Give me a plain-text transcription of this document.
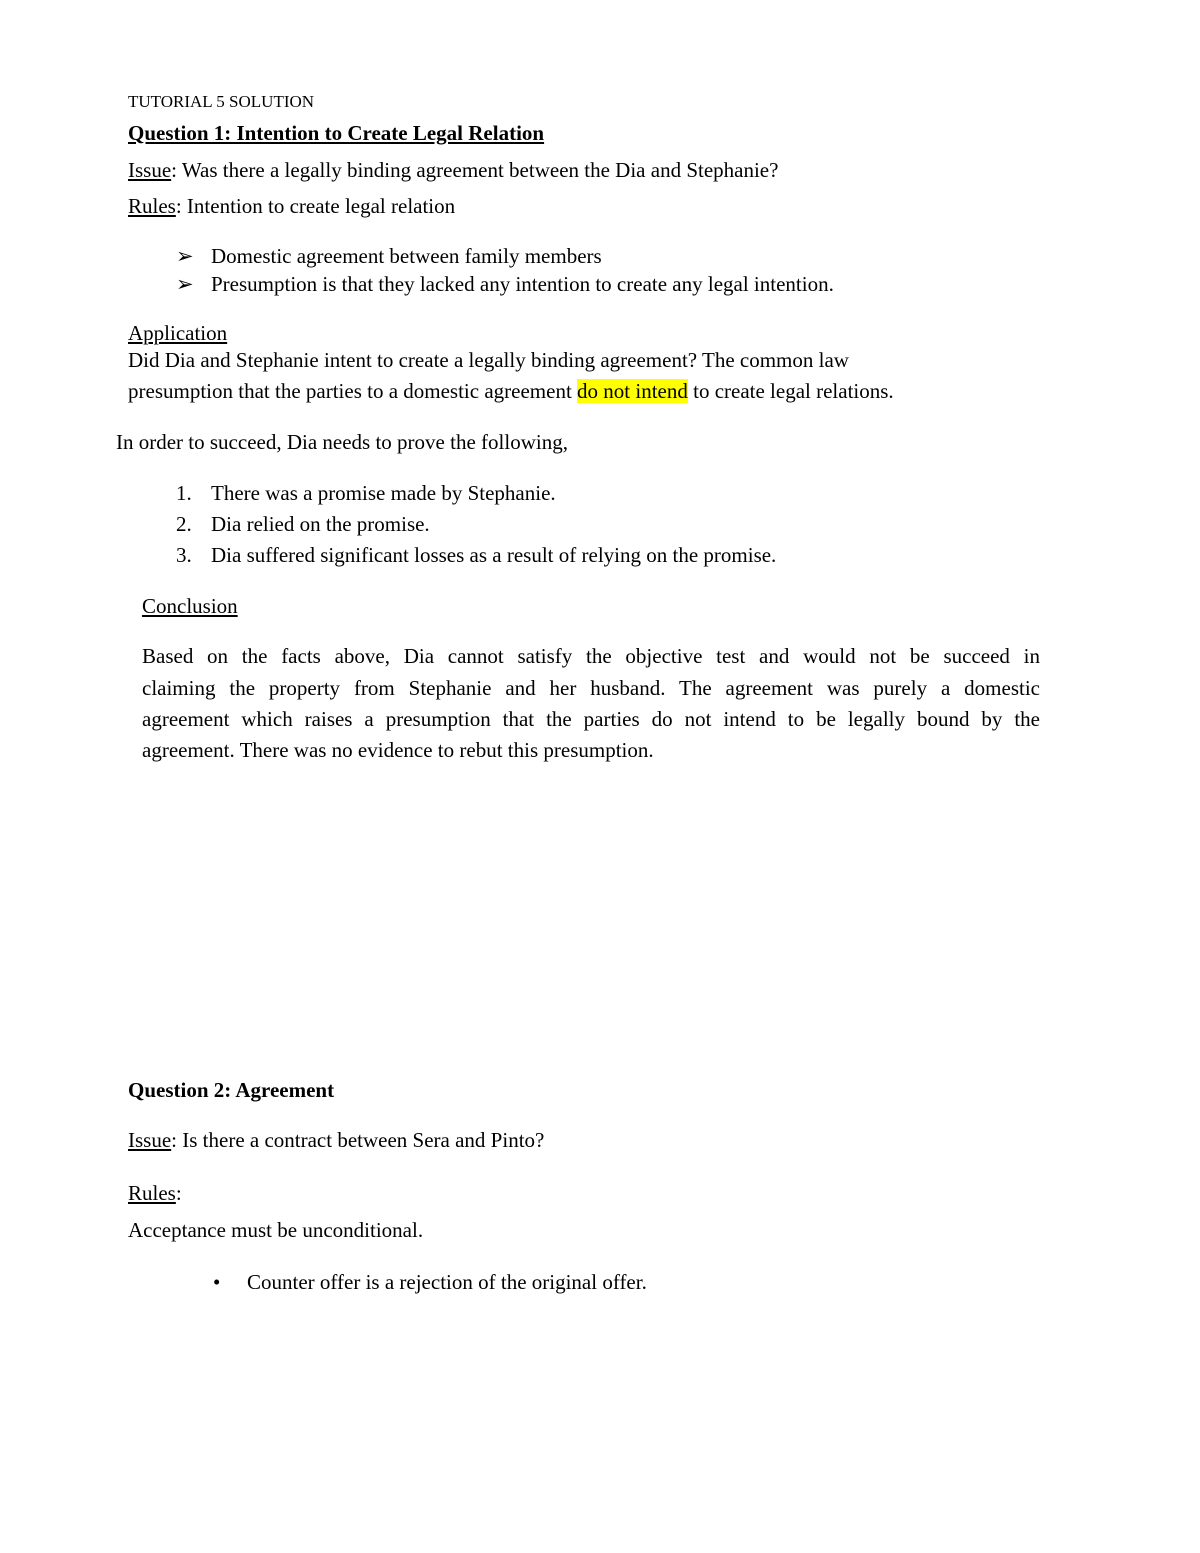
TUTORIAL 5 SOLUTION
Question 1: Intention to Create Legal Relation
Issue: Was there a legally binding agreement between the Dia and Stephanie?
Rules: Intention to create legal relation
➢ Domestic agreement between family members
➢ Presumption is that they lacked any intention to create any legal intention.
Application
Did Dia and Stephanie intent to create a legally binding agreement? The common law
presumption that the parties to a domestic agreement do not intend to create legal relations.
In order to succeed, Dia needs to prove the following,
1. There was a promise made by Stephanie.
2. Dia relied on the promise.
3. Dia suffered significant losses as a result of relying on the promise.
Conclusion
Based on the facts above, Dia cannot satisfy the objective test and would not be succeed in
claiming the property from Stephanie and her husband. The agreement was purely a domestic
agreement which raises a presumption that the parties do not intend to be legally bound by the
agreement. There was no evidence to rebut this presumption.
Question 2: Agreement
Issue: Is there a contract between Sera and Pinto?
Rules:
Acceptance must be unconditional.
• Counter offer is a rejection of the original offer.
